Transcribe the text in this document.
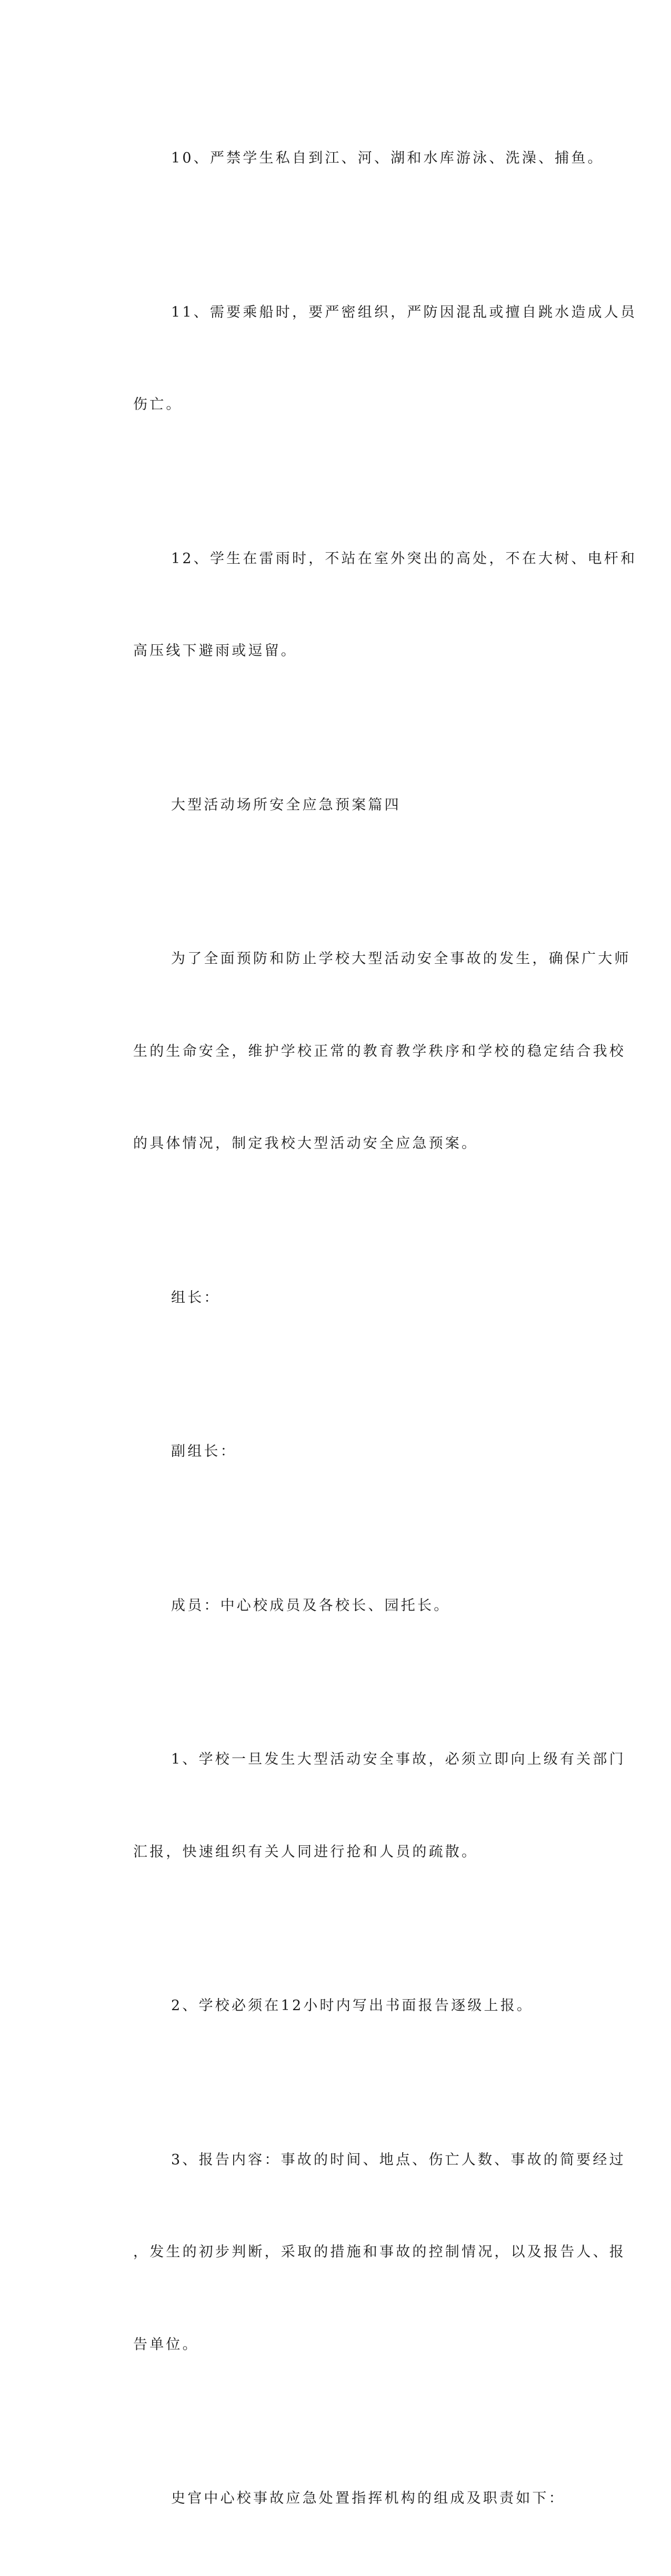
10、严禁学生私自到江、河、湖和水库游泳、洗澡、捕鱼。

11、需要乘船时，要严密组织，严防因混乱或擅自跳水造成人员

伤亡。

12、学生在雷雨时，不站在室外突出的高处，不在大树、电杆和

高压线下避雨或逗留。

大型活动场所安全应急预案篇四

为了全面预防和防止学校大型活动安全事故的发生，确保广大师

生的生命安全，维护学校正常的教育教学秩序和学校的稳定结合我校

的具体情况，制定我校大型活动安全应急预案。

组长：

副组长：

成员：中心校成员及各校长、园托长。

1、学校一旦发生大型活动安全事故，必须立即向上级有关部门

汇报，快速组织有关人同进行抢和人员的疏散。

2、学校必须在12小时内写出书面报告逐级上报。

3、报告内容：事故的时间、地点、伤亡人数、事故的简要经过

，发生的初步判断，采取的措施和事故的控制情况，以及报告人、报

告单位。

史官中心校事故应急处置指挥机构的组成及职责如下：
